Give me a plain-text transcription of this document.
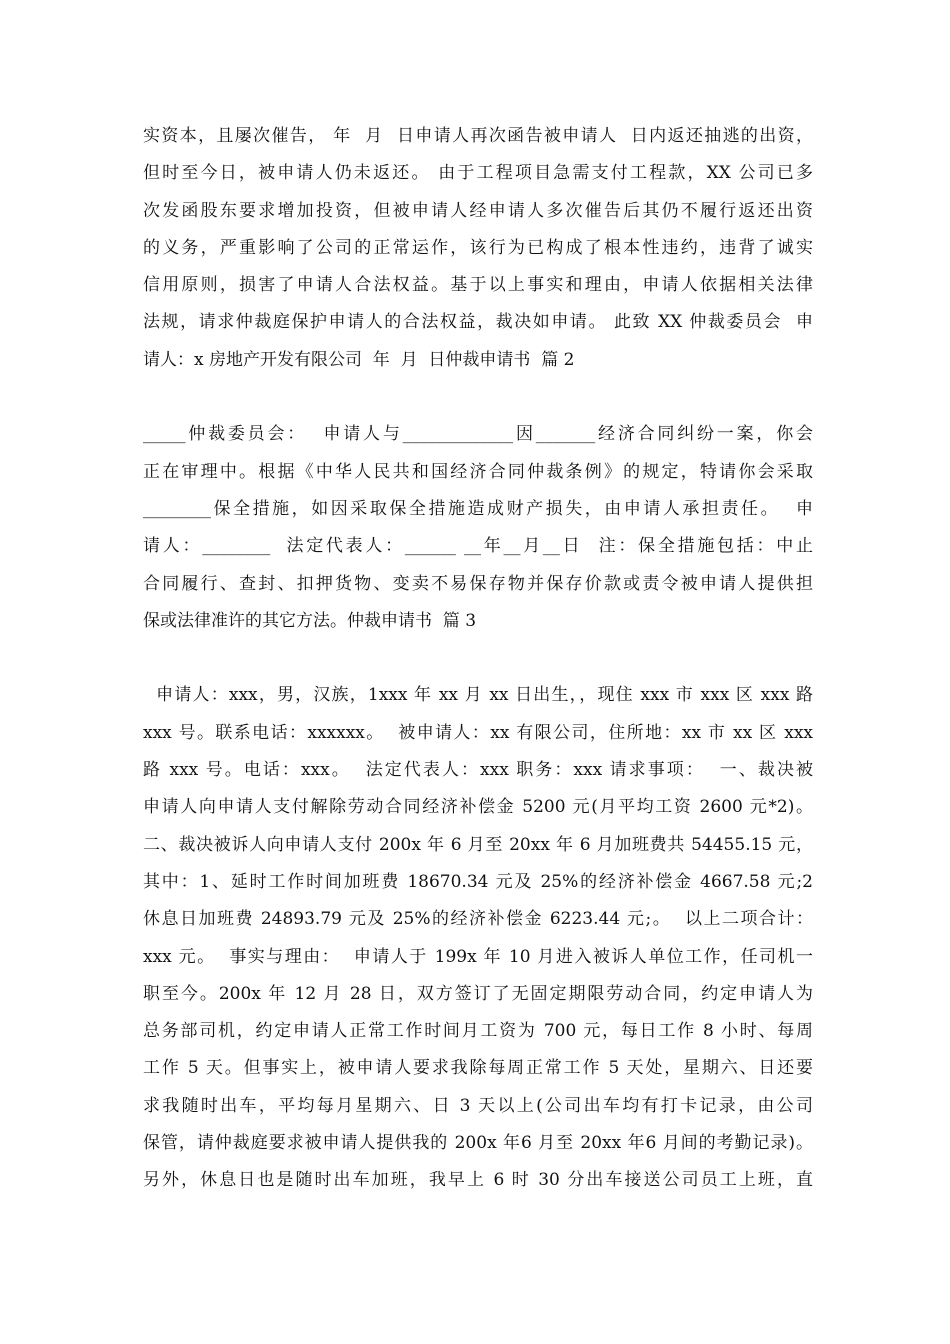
实资本，且屡次催告， 年  月  日申请人再次函告被申请人  日内返还抽逃的出资，
但时至今日，被申请人仍未返还。 由于工程项目急需支付工程款，XX 公司已多
次发函股东要求增加投资，但被申请人经申请人多次催告后其仍不履行返还出资
的义务，严重影响了公司的正常运作，该行为已构成了根本性违约，违背了诚实
信用原则，损害了申请人合法权益。基于以上事实和理由，申请人依据相关法律
法规，请求仲裁庭保护申请人的合法权益，裁决如申请。 此致 XX 仲裁委员会  申
请人：x 房地产开发有限公司  年  月  日仲裁申请书  篇 2
_____仲裁委员会：  申请人与_____________因_______经济合同纠纷一案，你会
正在审理中。根据《中华人民共和国经济合同仲裁条例》的规定，特请你会采取
________保全措施，如因采取保全措施造成财产损失，由申请人承担责任。  申
请人：________  法定代表人：______ __年__月__日  注：保全措施包括：中止
合同履行、查封、扣押货物、变卖不易保存物并保存价款或责令被申请人提供担
保或法律准许的其它方法。仲裁申请书  篇 3
申请人：xxx，男，汉族，1xxx 年 xx 月 xx 日出生，，现住 xxx 市 xxx 区 xxx 路
xxx 号。联系电话：xxxxxx。  被申请人：xx 有限公司，住所地：xx 市 xx 区 xxx
路 xxx 号。电话：xxx。  法定代表人：xxx 职务：xxx 请求事项：  一、裁决被
申请人向申请人支付解除劳动合同经济补偿金 5200 元(月平均工资 2600 元*2)。
二、裁决被诉人向申请人支付 200x 年 6 月至 20xx 年 6 月加班费共 54455.15 元，
其中：1、延时工作时间加班费 18670.34 元及 25%的经济补偿金 4667.58 元;2
休息日加班费 24893.79 元及 25%的经济补偿金 6223.44 元;。  以上二项合计：
xxx 元。  事实与理由：  申请人于 199x 年 10 月进入被诉人单位工作，任司机一
职至今。200x 年 12 月 28 日，双方签订了无固定期限劳动合同，约定申请人为
总务部司机，约定申请人正常工作时间月工资为 700 元，每日工作 8 小时、每周
工作 5 天。但事实上，被申请人要求我除每周正常工作 5 天处，星期六、日还要
求我随时出车，平均每月星期六、日 3 天以上(公司出车均有打卡记录，由公司
保管，请仲裁庭要求被申请人提供我的 200x 年6 月至 20xx 年6 月间的考勤记录)。
另外，休息日也是随时出车加班，我早上 6 时 30 分出车接送公司员工上班，直
